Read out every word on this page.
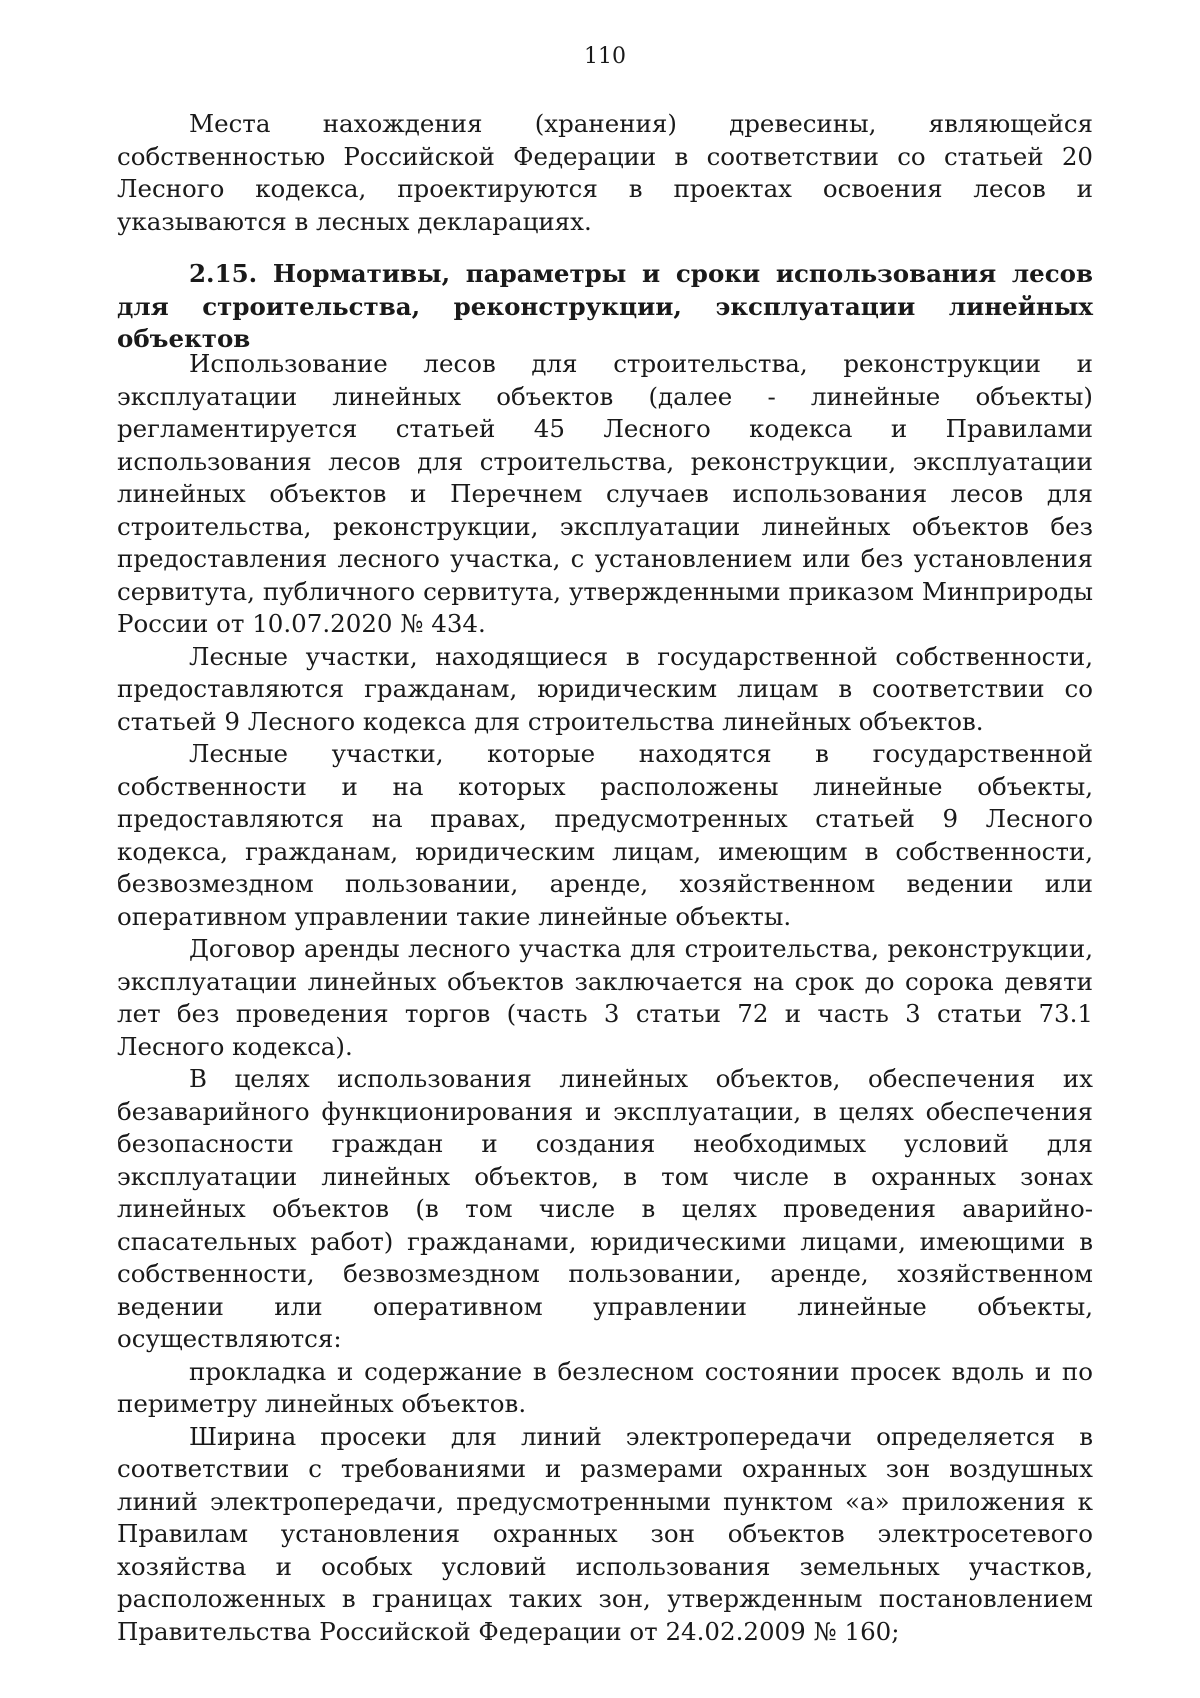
110

Места нахождения (хранения) древесины, являющейся собственностью Российской Федерации в соответствии со статьей 20 Лесного кодекса, проектируются в проектах освоения лесов и указываются в лесных декларациях.

2.15. Нормативы, параметры и сроки использования лесов для строительства, реконструкции, эксплуатации линейных объектов

Использование лесов для строительства, реконструкции и эксплуатации линейных объектов (далее - линейные объекты) регламентируется статьей 45 Лесного кодекса и Правилами использования лесов для строительства, реконструкции, эксплуатации линейных объектов и Перечнем случаев использования лесов для строительства, реконструкции, эксплуатации линейных объектов без предоставления лесного участка, с установлением или без установления сервитута, публичного сервитута, утвержденными приказом Минприроды России от 10.07.2020 № 434.

Лесные участки, находящиеся в государственной собственности, предоставляются гражданам, юридическим лицам в соответствии со статьей 9 Лесного кодекса для строительства линейных объектов.

Лесные участки, которые находятся в государственной собственности и на которых расположены линейные объекты, предоставляются на правах, предусмотренных статьей 9 Лесного кодекса, гражданам, юридическим лицам, имеющим в собственности, безвозмездном пользовании, аренде, хозяйственном ведении или оперативном управлении такие линейные объекты.

Договор аренды лесного участка для строительства, реконструкции, эксплуатации линейных объектов заключается на срок до сорока девяти лет без проведения торгов (часть 3 статьи 72 и часть 3 статьи 73.1 Лесного кодекса).

В целях использования линейных объектов, обеспечения их безаварийного функционирования и эксплуатации, в целях обеспечения безопасности граждан и создания необходимых условий для эксплуатации линейных объектов, в том числе в охранных зонах линейных объектов (в том числе в целях проведения аварийно-спасательных работ) гражданами, юридическими лицами, имеющими в собственности, безвозмездном пользовании, аренде, хозяйственном ведении или оперативном управлении линейные объекты, осуществляются:

прокладка и содержание в безлесном состоянии просек вдоль и по периметру линейных объектов.

Ширина просеки для линий электропередачи определяется в соответствии с требованиями и размерами охранных зон воздушных линий электропередачи, предусмотренными пунктом «а» приложения к Правилам установления охранных зон объектов электросетевого хозяйства и особых условий использования земельных участков, расположенных в границах таких зон, утвержденным постановлением Правительства Российской Федерации от 24.02.2009 № 160;
